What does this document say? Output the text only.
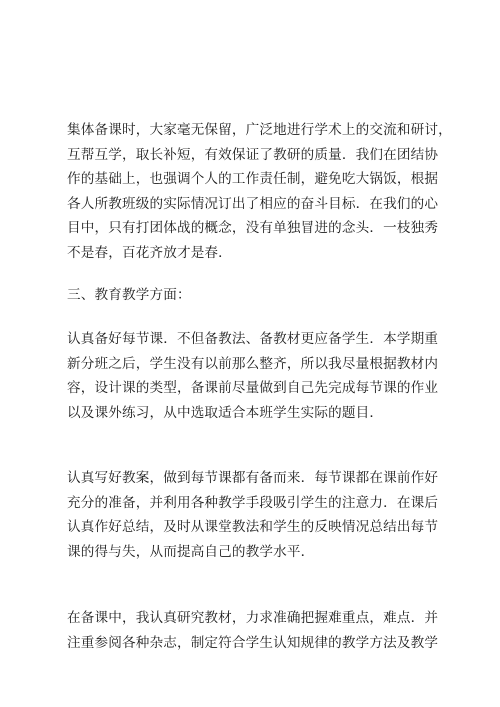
集体备课时，大家毫无保留，广泛地进行学术上的交流和研讨，
互帮互学，取长补短，有效保证了教研的质量．我们在团结协
作的基础上，也强调个人的工作责任制，避免吃大锅饭，根据
各人所教班级的实际情况订出了相应的奋斗目标．在我们的心
目中，只有打团体战的概念，没有单独冒进的念头．一枝独秀
不是春，百花齐放才是春．
三、教育教学方面：
认真备好每节课．不但备教法、备教材更应备学生．本学期重
新分班之后，学生没有以前那么整齐，所以我尽量根据教材内
容，设计课的类型，备课前尽量做到自己先完成每节课的作业
以及课外练习，从中选取适合本班学生实际的题目．
认真写好教案，做到每节课都有备而来．每节课都在课前作好
充分的准备，并利用各种教学手段吸引学生的注意力．在课后
认真作好总结，及时从课堂教法和学生的反映情况总结出每节
课的得与失，从而提高自己的教学水平．
在备课中，我认真研究教材，力求准确把握难重点，难点．并
注重参阅各种杂志，制定符合学生认知规律的教学方法及教学
